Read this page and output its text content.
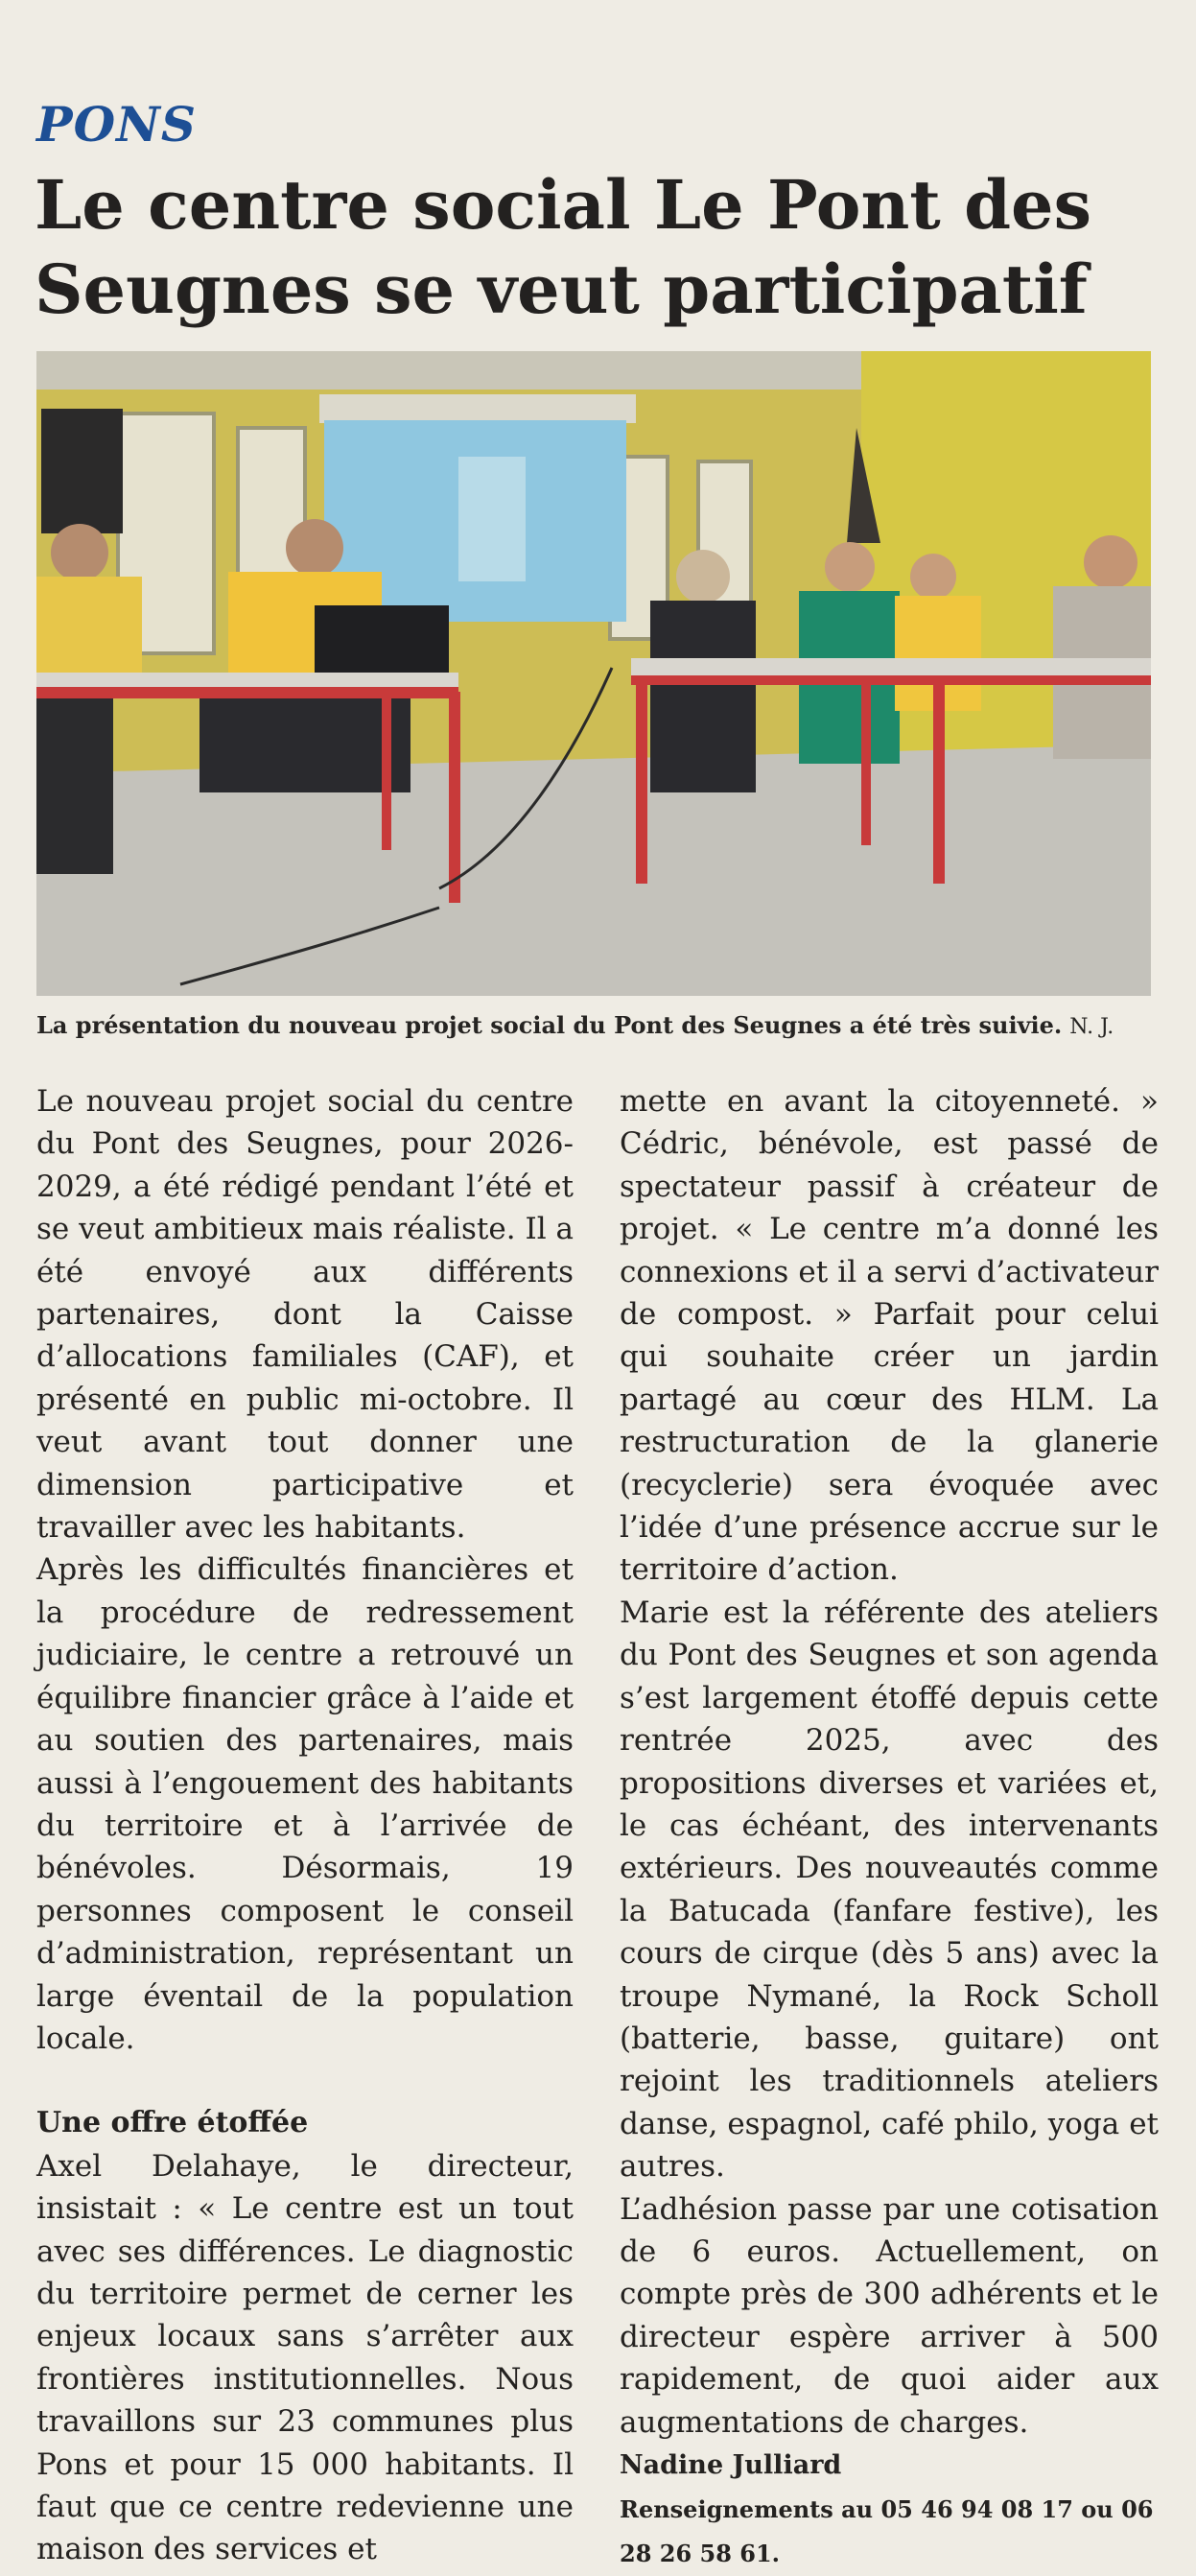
PONS
Le centre social Le Pont des Seugnes se veut participatif
La présentation du nouveau projet social du Pont des Seugnes a été très suivie. N. J.

Le nouveau projet social du centre du Pont des Seugnes, pour 2026-2029, a été rédigé pendant l’été et se veut ambitieux mais réaliste. Il a été envoyé aux différents partenaires, dont la Caisse d’allocations familiales (CAF), et présenté en public mi-octobre. Il veut avant tout donner une dimension participative et travailler avec les habitants.

Après les difficultés financières et la procédure de redressement judiciaire, le centre a retrouvé un équilibre financier grâce à l’aide et au soutien des partenaires, mais aussi à l’engouement des habitants du territoire et à l’arrivée de bénévoles. Désormais, 19 personnes composent le conseil d’administration, représentant un large éventail de la population locale.

Une offre étoffée

Axel Delahaye, le directeur, insistait : « Le centre est un tout avec ses différences. Le diagnostic du territoire permet de cerner les enjeux locaux sans s’arrêter aux frontières institutionnelles. Nous travaillons sur 23 communes plus Pons et pour 15 000 habitants. Il faut que ce centre redevienne une maison des services et

mette en avant la citoyenneté. » Cédric, bénévole, est passé de spectateur passif à créateur de projet. « Le centre m’a donné les connexions et il a servi d’activateur de compost. » Parfait pour celui qui souhaite créer un jardin partagé au cœur des HLM. La restructuration de la glanerie (recyclerie) sera évoquée avec l’idée d’une présence accrue sur le territoire d’action.

Marie est la référente des ateliers du Pont des Seugnes et son agenda s’est largement étoffé depuis cette rentrée 2025, avec des propositions diverses et variées et, le cas échéant, des intervenants extérieurs. Des nouveautés comme la Batucada (fanfare festive), les cours de cirque (dès 5 ans) avec la troupe Nymané, la Rock Scholl (batterie, basse, guitare) ont rejoint les traditionnels ateliers danse, espagnol, café philo, yoga et autres.

L’adhésion passe par une cotisation de 6 euros. Actuellement, on compte près de 300 adhérents et le directeur espère arriver à 500 rapidement, de quoi aider aux augmentations de charges.

Nadine Julliard
Renseignements au 05 46 94 08 17 ou 06 28 26 58 61.
